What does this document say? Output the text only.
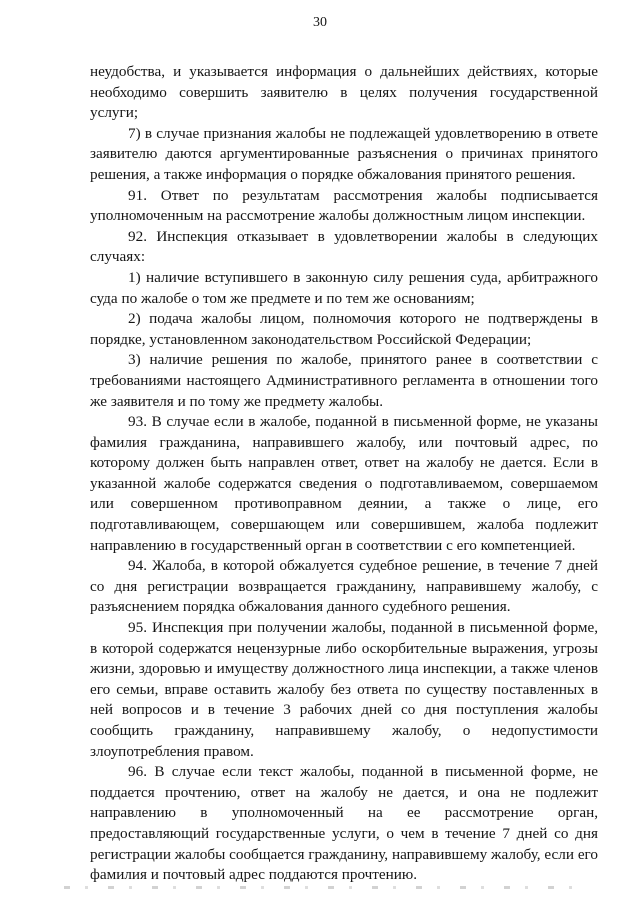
30

неудобства, и указывается информация о дальнейших действиях, которые необходимо совершить заявителю в целях получения государственной услуги;

7) в случае признания жалобы не подлежащей удовлетворению в ответе заявителю даются аргументированные разъяснения о причинах принятого решения, а также информация о порядке обжалования принятого решения.

91. Ответ по результатам рассмотрения жалобы подписывается уполномоченным на рассмотрение жалобы должностным лицом инспекции.

92. Инспекция отказывает в удовлетворении жалобы в следующих случаях:

1) наличие вступившего в законную силу решения суда, арбитражного суда по жалобе о том же предмете и по тем же основаниям;

2) подача жалобы лицом, полномочия которого не подтверждены в порядке, установленном законодательством Российской Федерации;

3) наличие решения по жалобе, принятого ранее в соответствии с требованиями настоящего Административного регламента в отношении того же заявителя и по тому же предмету жалобы.

93. В случае если в жалобе, поданной в письменной форме, не указаны фамилия гражданина, направившего жалобу, или почтовый адрес, по которому должен быть направлен ответ, ответ на жалобу не дается. Если в указанной жалобе содержатся сведения о подготавливаемом, совершаемом или совершенном противоправном деянии, а также о лице, его подготавливающем, совершающем или совершившем, жалоба подлежит направлению в государственный орган в соответствии с его компетенцией.

94. Жалоба, в которой обжалуется судебное решение, в течение 7 дней со дня регистрации возвращается гражданину, направившему жалобу, с разъяснением порядка обжалования данного судебного решения.

95. Инспекция при получении жалобы, поданной в письменной форме, в которой содержатся нецензурные либо оскорбительные выражения, угрозы жизни, здоровью и имуществу должностного лица инспекции, а также членов его семьи, вправе оставить жалобу без ответа по существу поставленных в ней вопросов и в течение 3 рабочих дней со дня поступления жалобы сообщить гражданину, направившему жалобу, о недопустимости злоупотребления правом.

96. В случае если текст жалобы, поданной в письменной форме, не поддается прочтению, ответ на жалобу не дается, и она не подлежит направлению в уполномоченный на ее рассмотрение орган, предоставляющий государственные услуги, о чем в течение 7 дней со дня регистрации жалобы сообщается гражданину, направившему жалобу, если его фамилия и почтовый адрес поддаются прочтению.
